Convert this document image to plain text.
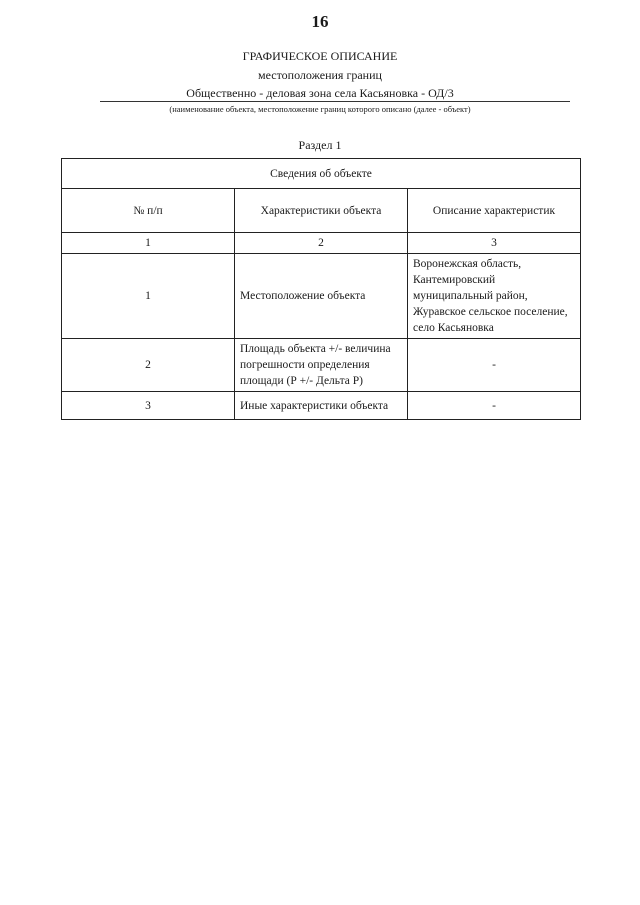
16
ГРАФИЧЕСКОЕ ОПИСАНИЕ
местоположения границ
Общественно - деловая зона села Касьяновка - ОД/3
(наименование объекта, местоположение границ которого описано (далее - объект)
Раздел 1
Сведения об объекте		
№ п/п	Характеристики объекта	Описание характеристик
1	2	3
1	Местоположение объекта	Воронежская область, Кантемировский муниципальный район, Журавское сельское поселение, село Касьяновка
2	Площадь объекта +/- величина погрешности определения площади (Р +/- Дельта Р)	-
3	Иные характеристики объекта	-
